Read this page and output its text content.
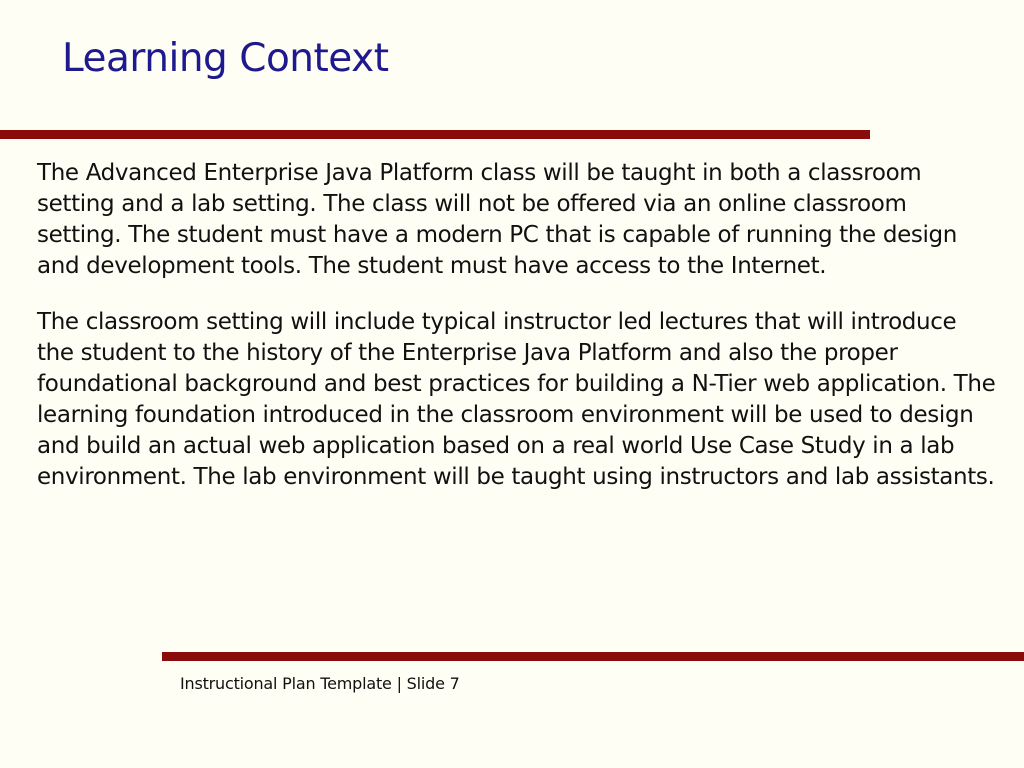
Learning Context

The Advanced Enterprise Java Platform class will be taught in both a classroom setting and a lab setting. The class will not be offered via an online classroom setting. The student must have a modern PC that is capable of running the design and development tools. The student must have access to the Internet.

The classroom setting will include typical instructor led lectures that will introduce the student to the history of the Enterprise Java Platform and also the proper foundational background and best practices for building a N-Tier web application. The learning foundation introduced in the classroom environment will be used to design and build an actual web application based on a real world Use Case Study in a lab environment. The lab environment will be taught using instructors and lab assistants.

Instructional Plan Template | Slide 7
